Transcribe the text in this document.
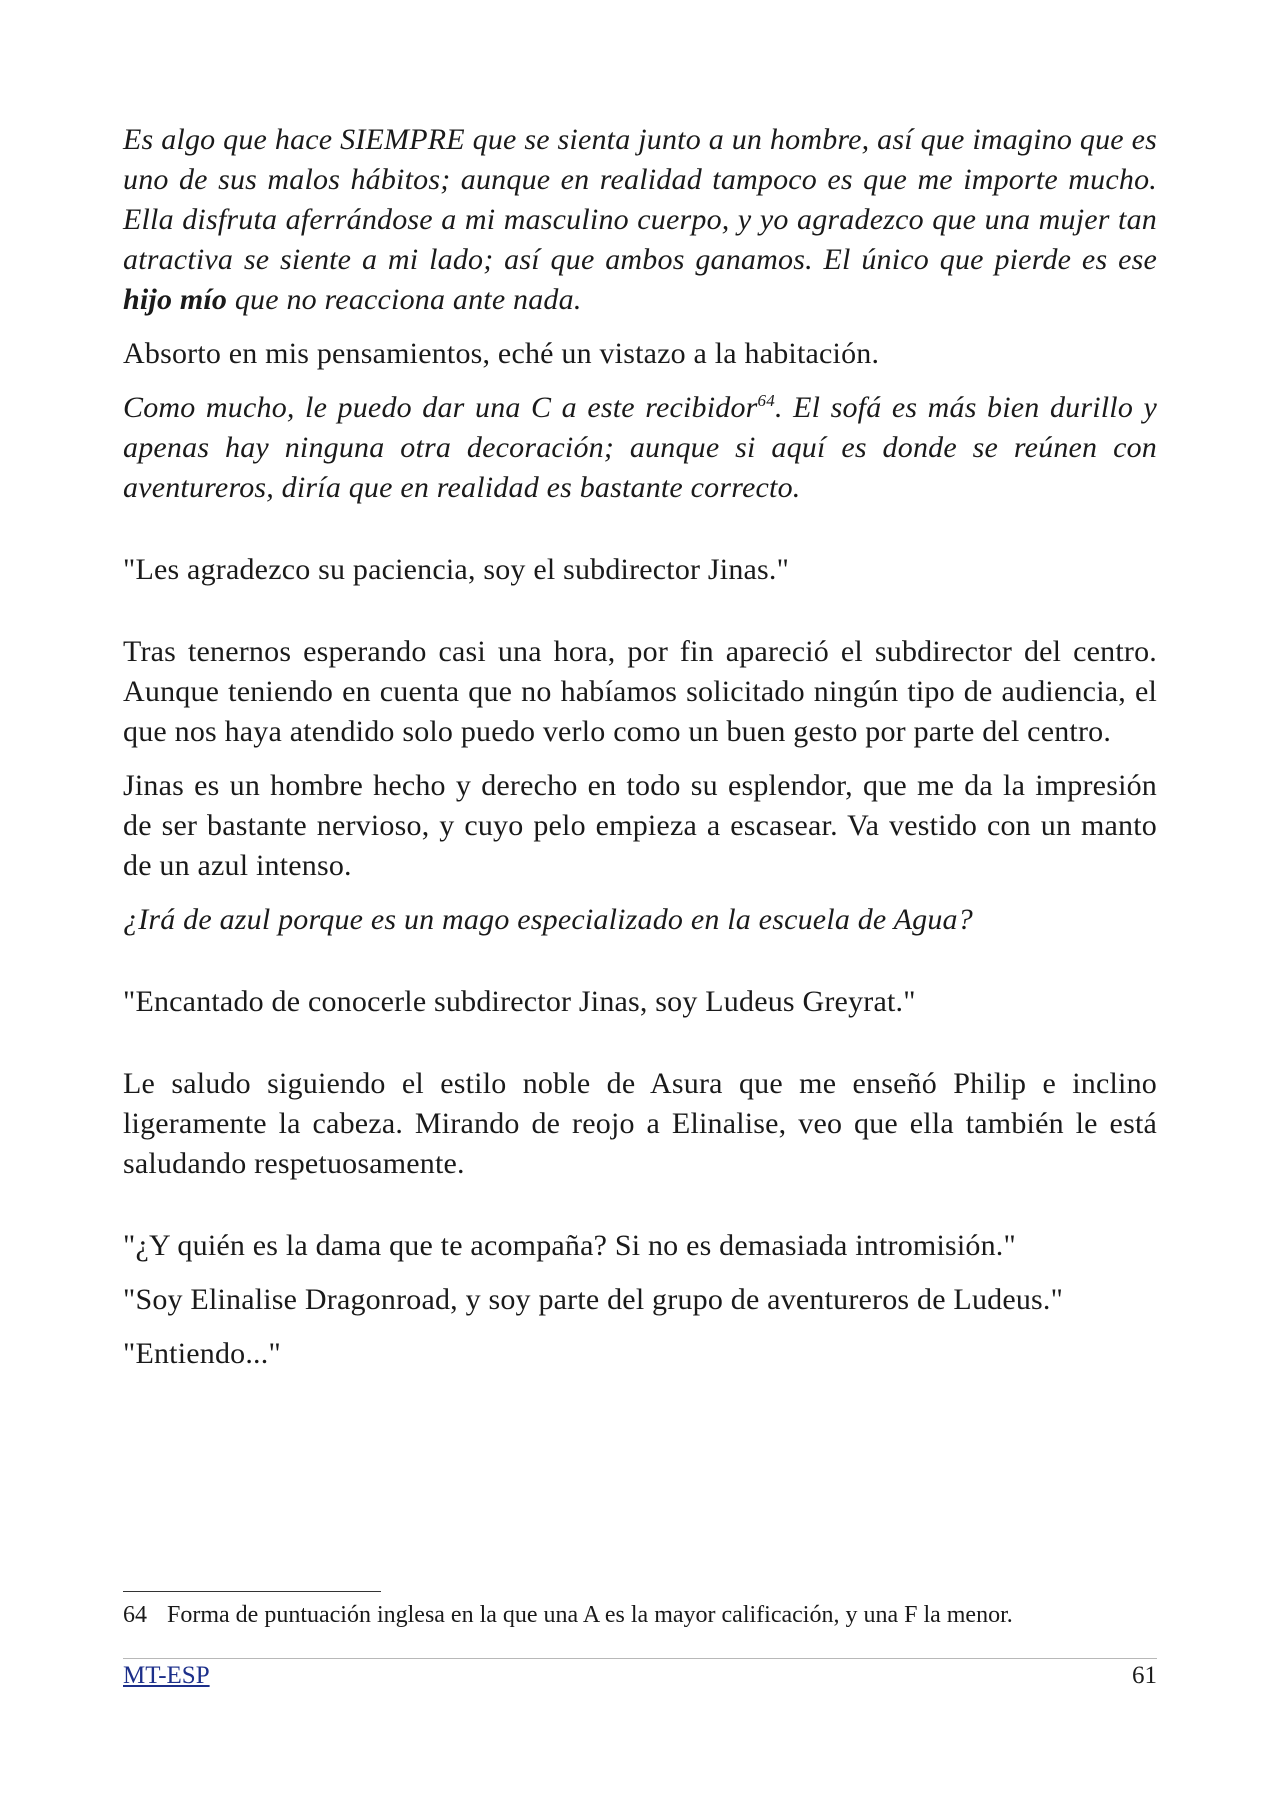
Es algo que hace SIEMPRE que se sienta junto a un hombre, así que imagino que es uno de sus malos hábitos; aunque en realidad tampoco es que me importe mucho. Ella disfruta aferrándose a mi masculino cuerpo, y yo agradezco que una mujer tan atractiva se siente a mi lado; así que ambos ganamos. El único que pierde es ese hijo mío que no reacciona ante nada.

Absorto en mis pensamientos, eché un vistazo a la habitación.

Como mucho, le puedo dar una C a este recibidor$^{64}$. El sofá es más bien durillo y apenas hay ninguna otra decoración; aunque si aquí es donde se reúnen con aventureros, diría que en realidad es bastante correcto.

"Les agradezco su paciencia, soy el subdirector Jinas."

Tras tenernos esperando casi una hora, por fin apareció el subdirector del centro. Aunque teniendo en cuenta que no habíamos solicitado ningún tipo de audiencia, el que nos haya atendido solo puedo verlo como un buen gesto por parte del centro.

Jinas es un hombre hecho y derecho en todo su esplendor, que me da la impresión de ser bastante nervioso, y cuyo pelo empieza a escasear. Va vestido con un manto de un azul intenso.

¿Irá de azul porque es un mago especializado en la escuela de Agua?

"Encantado de conocerle subdirector Jinas, soy Ludeus Greyrat."

Le saludo siguiendo el estilo noble de Asura que me enseñó Philip e inclino ligeramente la cabeza. Mirando de reojo a Elinalise, veo que ella también le está saludando respetuosamente.

"¿Y quién es la dama que te acompaña? Si no es demasiada intromisión."

"Soy Elinalise Dragonroad, y soy parte del grupo de aventureros de Ludeus."

"Entiendo..."

64 Forma de puntuación inglesa en la que una A es la mayor calificación, y una F la menor.
MT-ESP	61
